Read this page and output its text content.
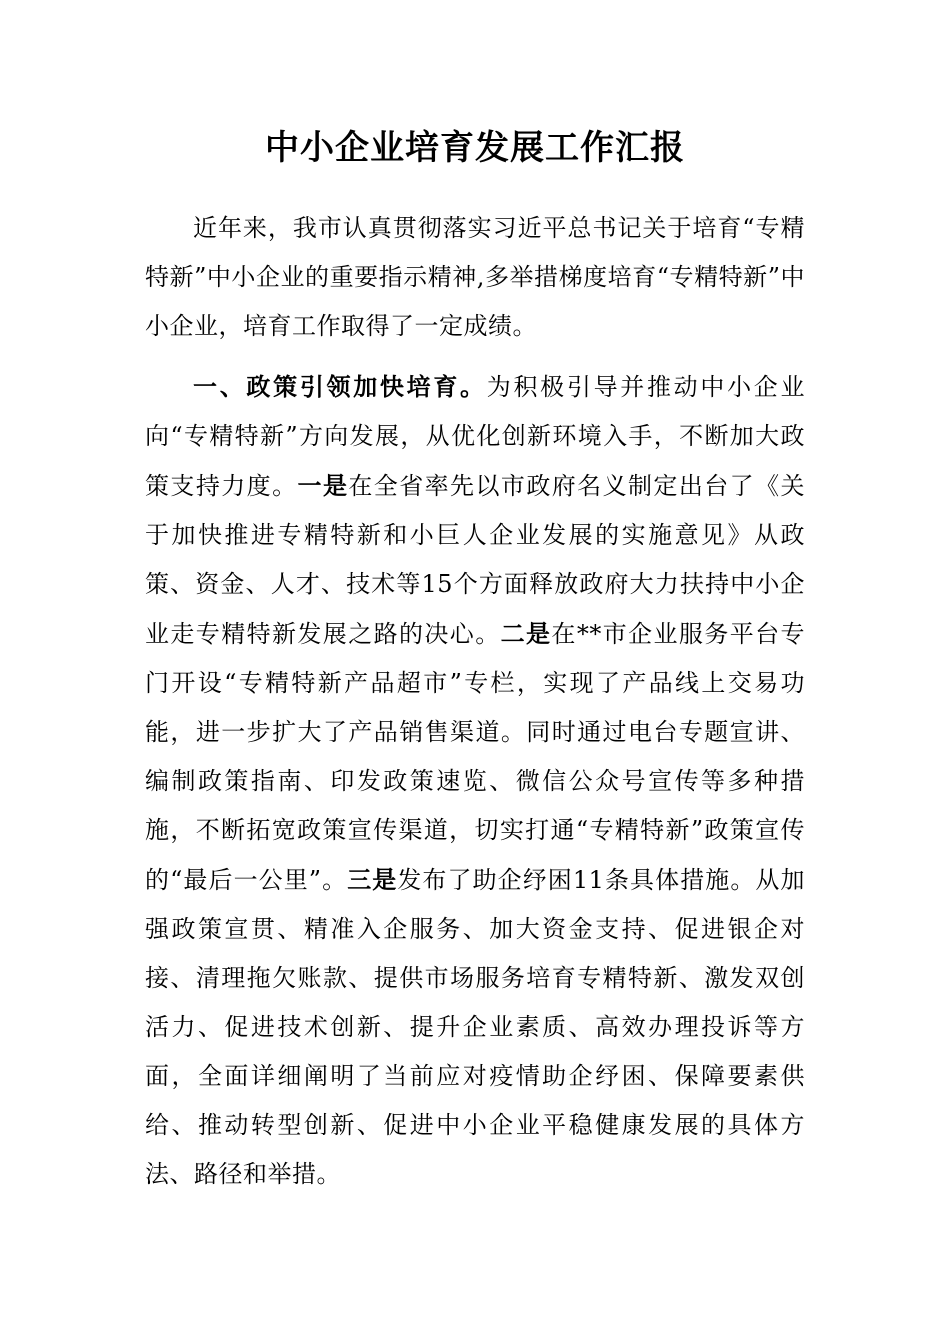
中小企业培育发展工作汇报

近年来，我市认真贯彻落实习近平总书记关于培育“专精特新”中小企业的重要指示精神,多举措梯度培育“专精特新”中小企业，培育工作取得了一定成绩。

一、政策引领加快培育。为积极引导并推动中小企业向“专精特新”方向发展，从优化创新环境入手，不断加大政策支持力度。一是在全省率先以市政府名义制定出台了《关于加快推进专精特新和小巨人企业发展的实施意见》从政策、资金、人才、技术等15个方面释放政府大力扶持中小企业走专精特新发展之路的决心。二是在**市企业服务平台专门开设“专精特新产品超市”专栏，实现了产品线上交易功能，进一步扩大了产品销售渠道。同时通过电台专题宣讲、编制政策指南、印发政策速览、微信公众号宣传等多种措施，不断拓宽政策宣传渠道，切实打通“专精特新”政策宣传的“最后一公里”。三是发布了助企纾困11条具体措施。从加强政策宣贯、精准入企服务、加大资金支持、促进银企对接、清理拖欠账款、提供市场服务培育专精特新、激发双创活力、促进技术创新、提升企业素质、高效办理投诉等方面，全面详细阐明了当前应对疫情助企纾困、保障要素供给、推动转型创新、促进中小企业平稳健康发展的具体方法、路径和举措。
